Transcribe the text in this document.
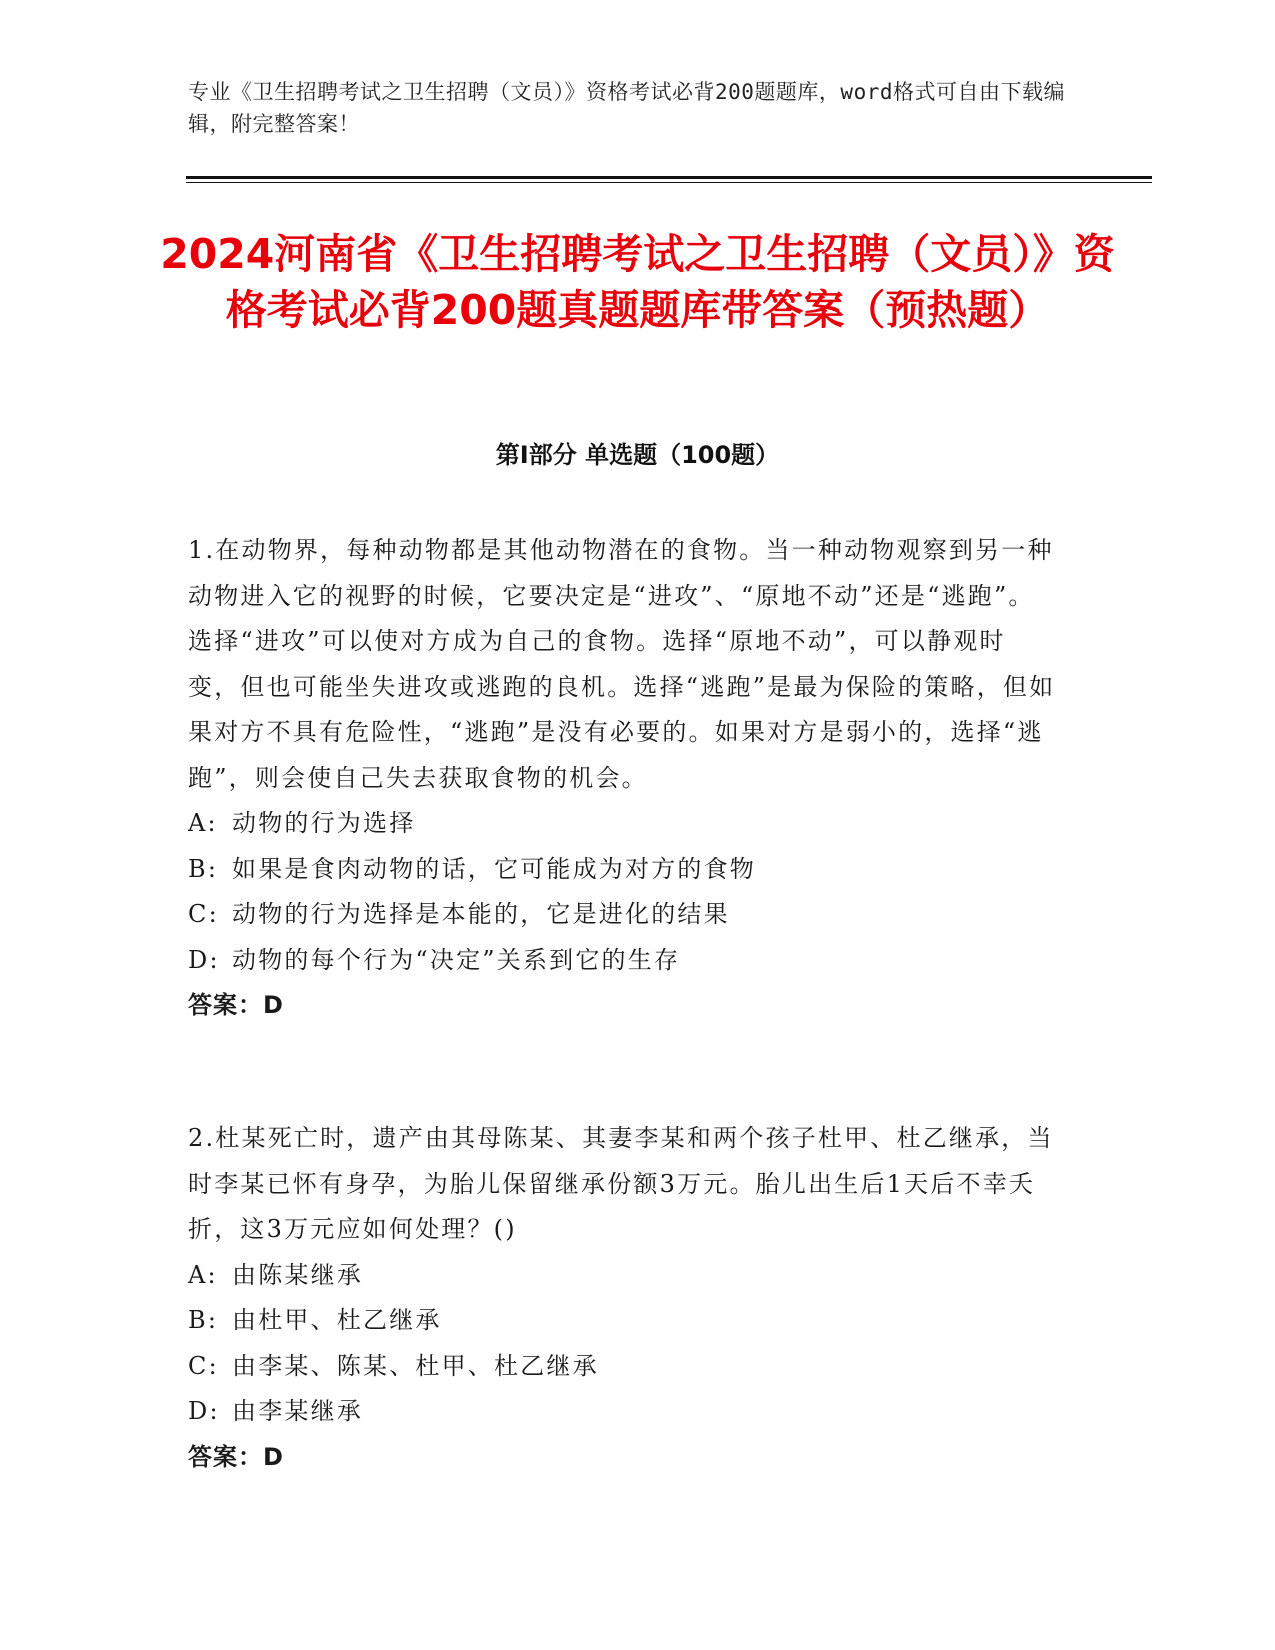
专业《卫生招聘考试之卫生招聘（文员）》资格考试必背200题题库，word格式可自由下载编辑，附完整答案！
2024河南省《卫生招聘考试之卫生招聘（文员）》资格考试必背200题真题题库带答案（预热题）
第Ⅰ部分 单选题（100题）

1.在动物界，每种动物都是其他动物潜在的食物。当一种动物观察到另一种动物进入它的视野的时候，它要决定是“进攻”、“原地不动”还是“逃跑”。选择“进攻”可以使对方成为自己的食物。选择“原地不动”，可以静观时变，但也可能坐失进攻或逃跑的良机。选择“逃跑”是最为保险的策略，但如果对方不具有危险性，“逃跑”是没有必要的。如果对方是弱小的，选择“逃跑”，则会使自己失去获取食物的机会。

A: 动物的行为选择

B: 如果是食肉动物的话，它可能成为对方的食物

C: 动物的行为选择是本能的，它是进化的结果

D: 动物的每个行为“决定”关系到它的生存

答案：D

2.杜某死亡时，遗产由其母陈某、其妻李某和两个孩子杜甲、杜乙继承，当时李某已怀有身孕，为胎儿保留继承份额3万元。胎儿出生后1天后不幸夭折，这3万元应如何处理？()

A: 由陈某继承

B: 由杜甲、杜乙继承

C: 由李某、陈某、杜甲、杜乙继承

D: 由李某继承

答案：D
